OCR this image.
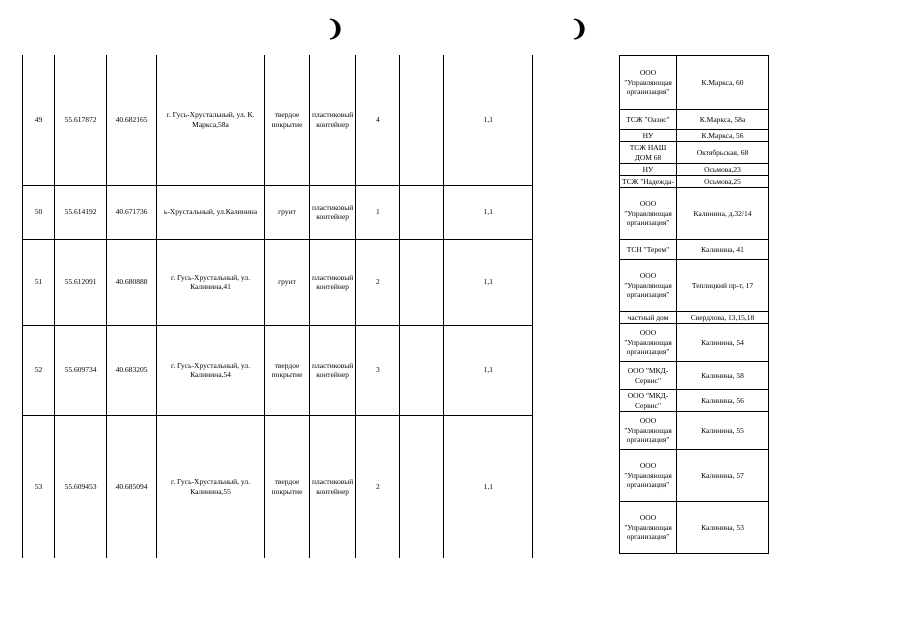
❩	❩
49	55.617872	40.682165	г. Гусь-Хрустальный, ул. К. Маркса,58а	твердое покрытие	пластиковый контейнер	4		1,1
50	55.614192	40.671736	ь-Хрустальный, ул.Калинина	грунт	пластиковый контейнер	1		1,1
51	55.612091	40.680888	г. Гусь-Хрустальный, ул. Калинина,41	грунт	пластиковый контейнер	2		1,1
52	55.609734	40.683205	г. Гусь-Хрустальный, ул. Калинина,54	твердое покрытие	пластиковый контейнер	3		1,1
53	55.609453	40.685094	г. Гусь-Хрустальный, ул. Калинина,55	твердое покрытие	пластиковый контейнер	2		1,1
ООО "Управляющая организация"	К.Маркса, 60
ТСЖ "Оазис"	К.Маркса, 58а
НУ	К.Маркса, 56
ТСЖ НАШ ДОМ 68	Октябрьская, 68
НУ	Осьмова,23
ТСЖ "Надежда-	Осьмова,25
ООО "Управляющая организация"	Калинина, д.32/14
ТСН "Терем"	Калинина, 41
ООО "Управляющая организация"	Теплицкий пр-т, 17
частный дом	Свердлова, 13,15,18
ООО "Управляющая организация"	Калинина, 54
ООО "МКД-Сервис"	Калинина, 58
ООО "МКД-Сервис"	Калинина, 56
ООО "Управляющая организация"	Калинина, 55
ООО "Управляющая организация"	Калинина, 57
ООО "Управляющая организация"	Калинина, 53
